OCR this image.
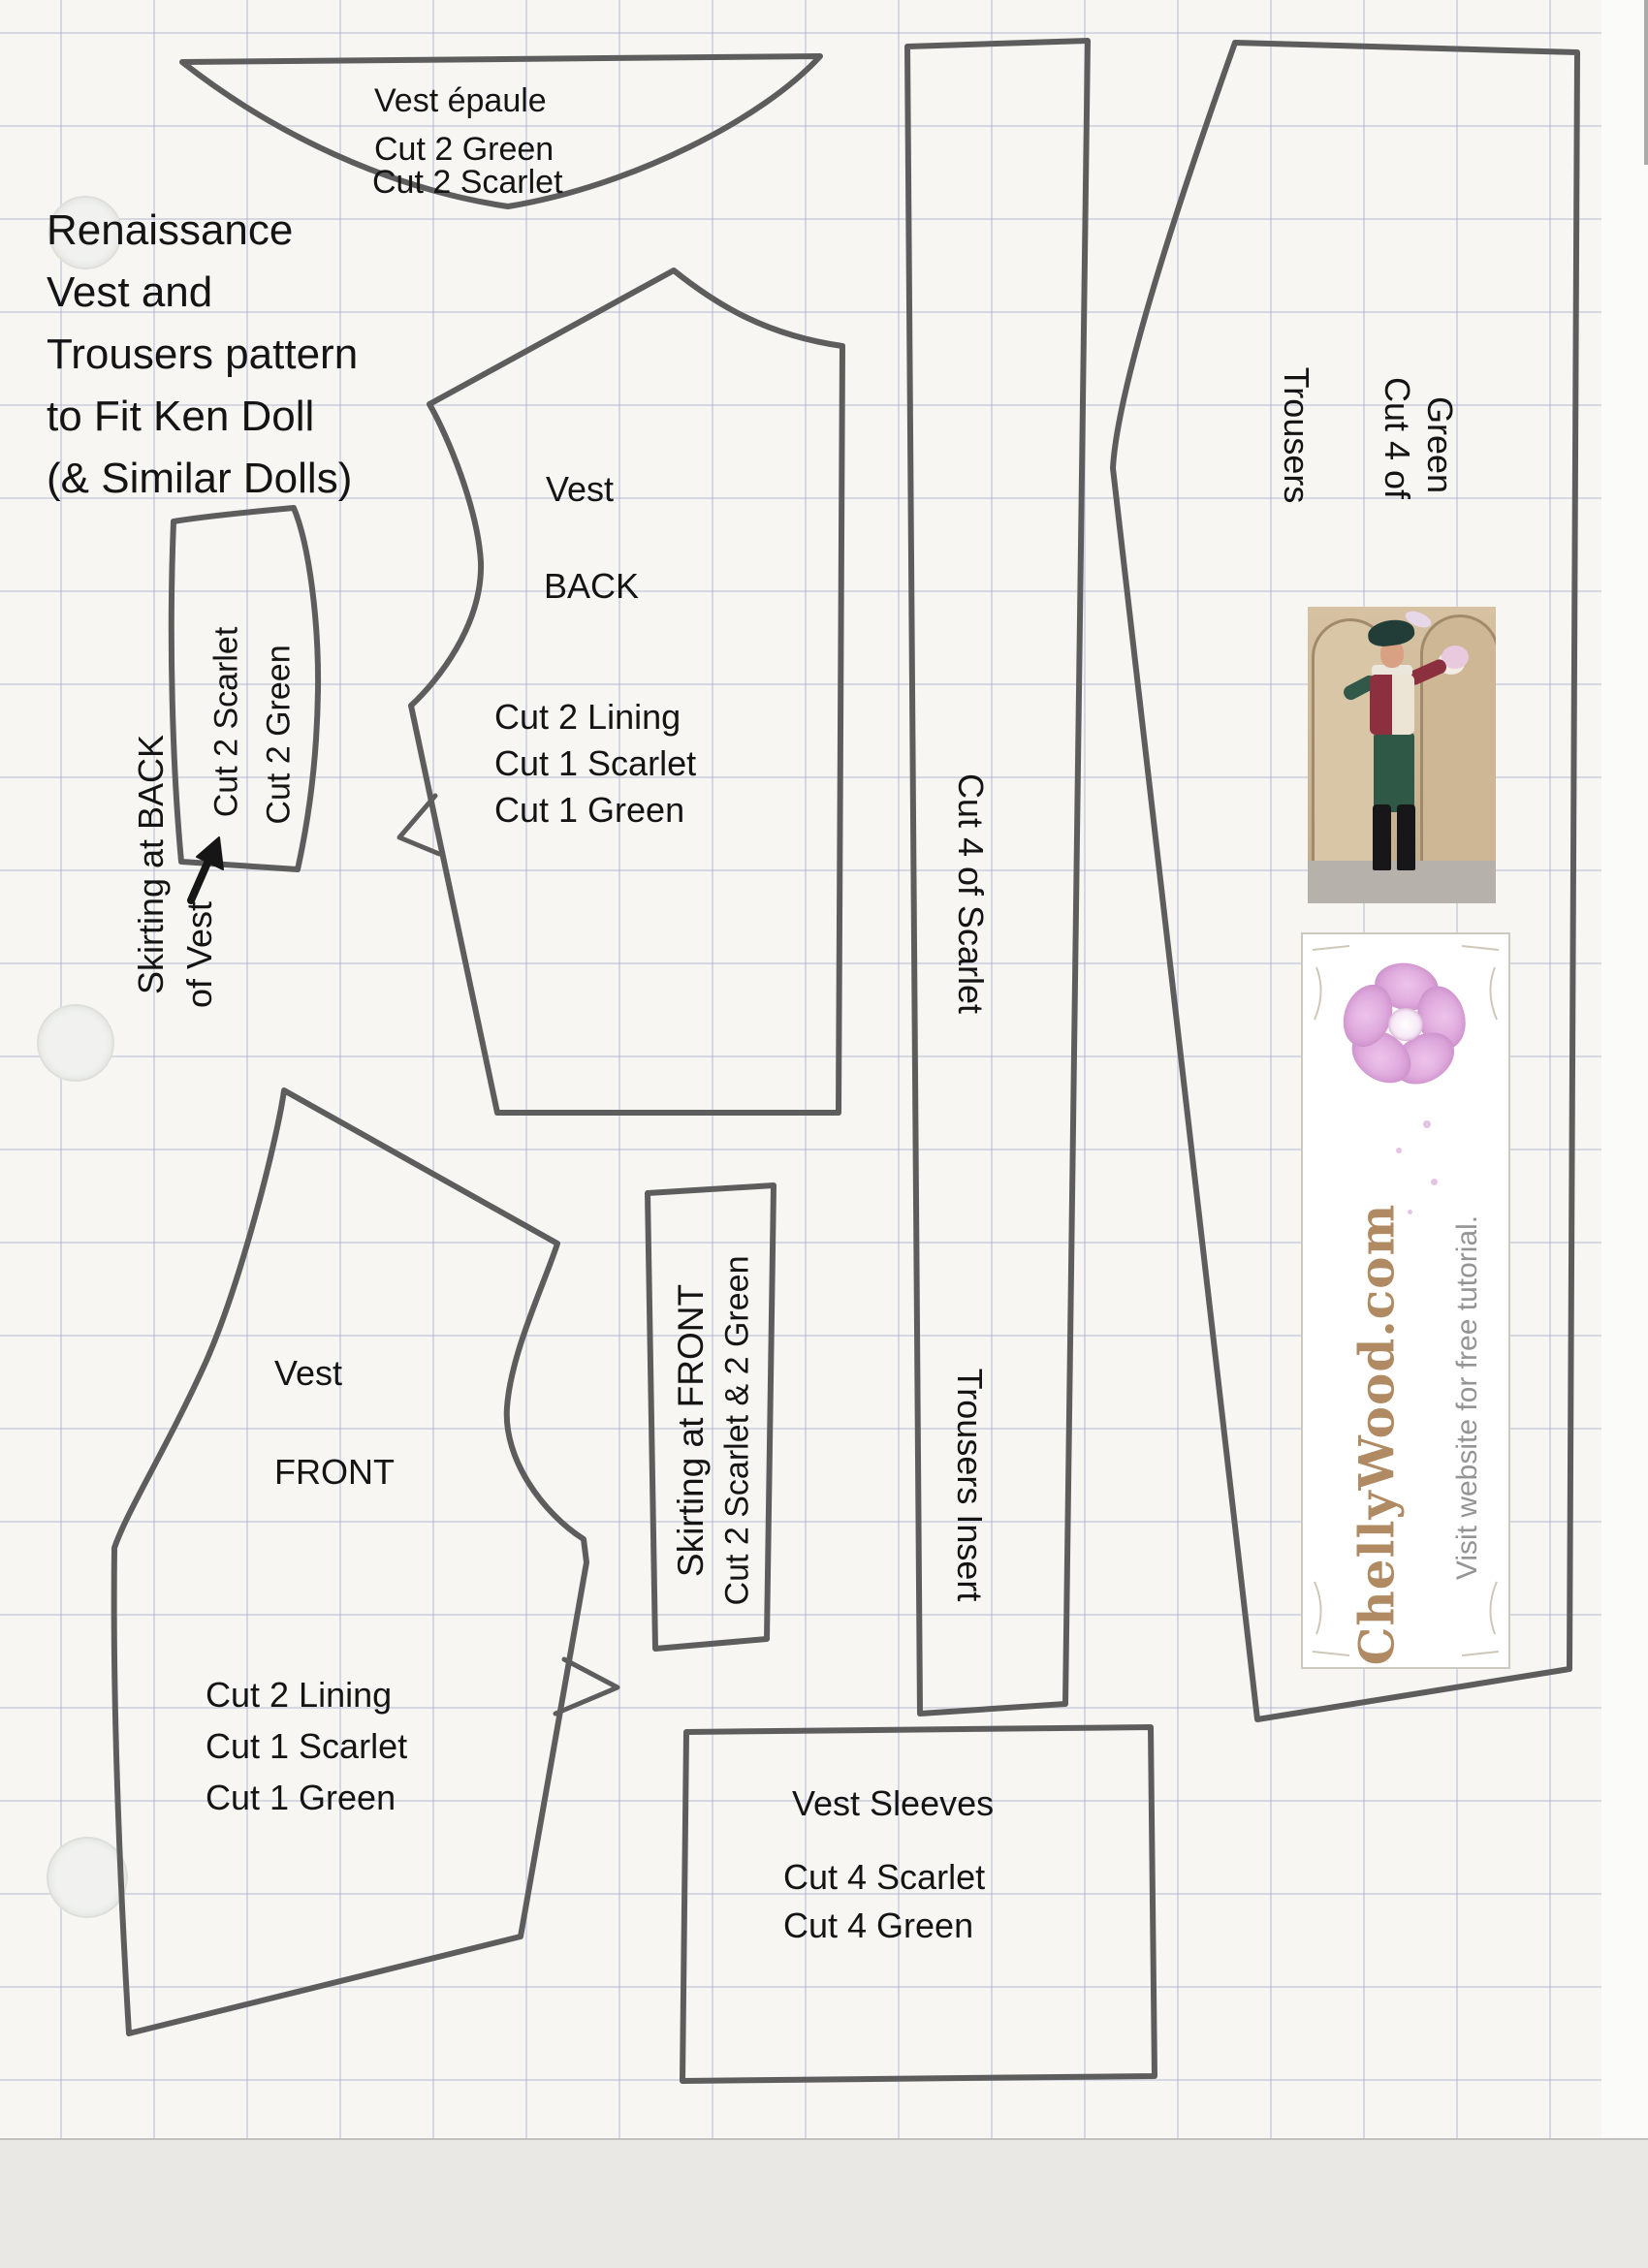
Renaissance
Vest and
Trousers pattern
to Fit Ken Doll
(& Similar Dolls)
Vest épaule
Cut 2 Green
Cut 2 Scarlet
Cut 2 Scarlet Cut 2 Green
Skirting at BACK of Vest
Vest
BACK
Cut 2 Lining
Cut 1 Scarlet
Cut 1 Green
Vest
FRONT
Cut 2 Lining
Cut 1 Scarlet
Cut 1 Green
Skirting at FRONT Cut 2 Scarlet & 2 Green
Cut 4 of Scarlet
Trousers Insert
Trousers Cut 4 of Green
Vest Sleeves
Cut 4 Scarlet
Cut 4 Green
ChellyWood.com Visit website for free tutorial.
